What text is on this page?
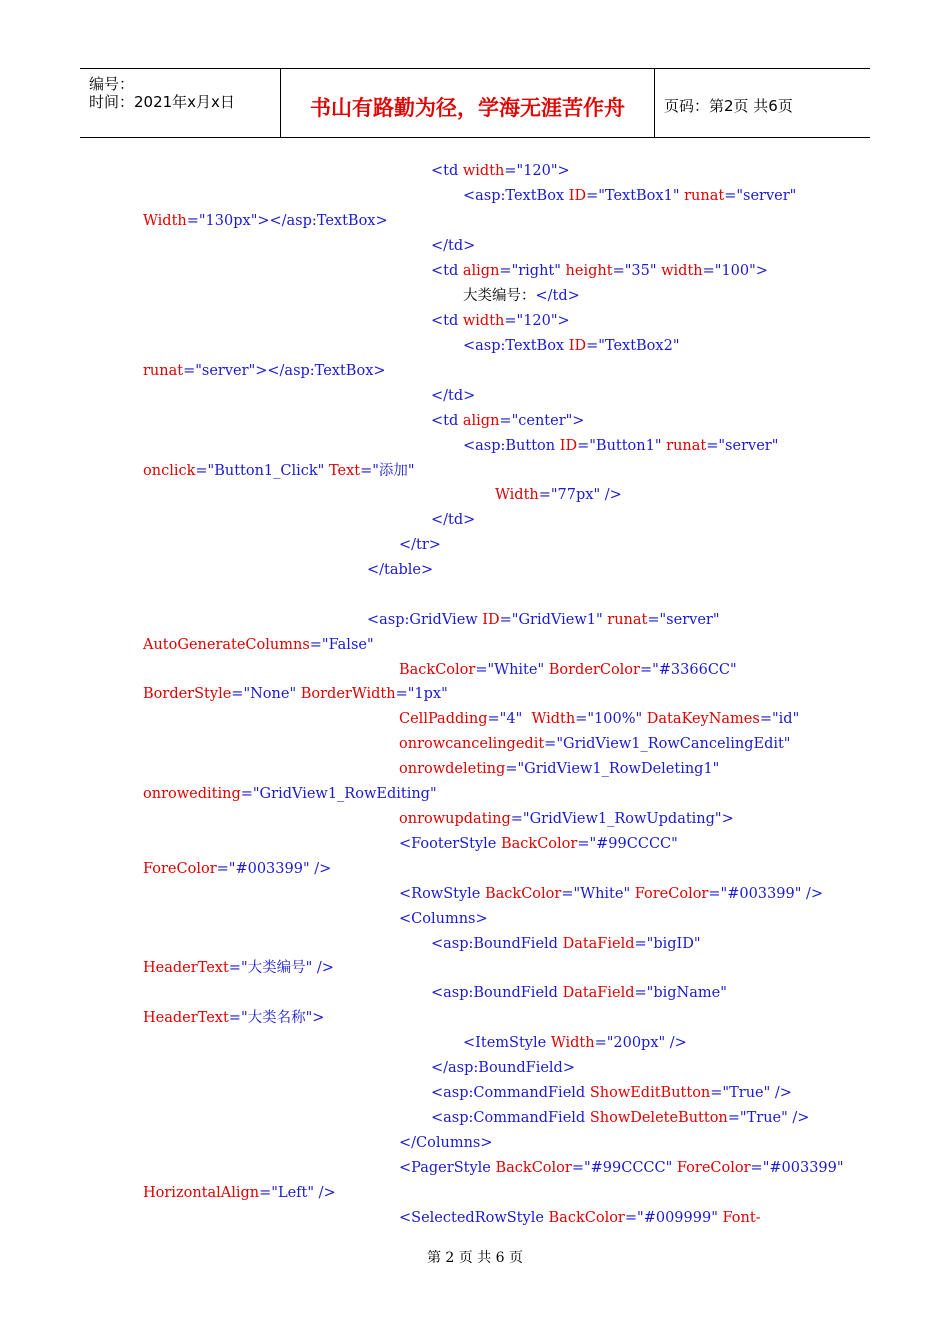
编号：
时间：2021年x月x日	书山有路勤为径，学海无涯苦作舟	页码：第2页 共6页
<td width="120">
<asp:TextBox ID="TextBox1" runat="server"
Width="130px"></asp:TextBox>
</td>
<td align="right" height="35" width="100">
大类编号：</td>
<td width="120">
<asp:TextBox ID="TextBox2"
runat="server"></asp:TextBox>
</td>
<td align="center">
<asp:Button ID="Button1" runat="server"
onclick="Button1_Click" Text="添加"
Width="77px" />
</td>
</tr>
</table>
<asp:GridView ID="GridView1" runat="server"
AutoGenerateColumns="False"
BackColor="White" BorderColor="#3366CC"
BorderStyle="None" BorderWidth="1px"
CellPadding="4"  Width="100%" DataKeyNames="id"
onrowcancelingedit="GridView1_RowCancelingEdit"
onrowdeleting="GridView1_RowDeleting1"
onrowediting="GridView1_RowEditing"
onrowupdating="GridView1_RowUpdating">
<FooterStyle BackColor="#99CCCC"
ForeColor="#003399" />
<RowStyle BackColor="White" ForeColor="#003399" />
<Columns>
<asp:BoundField DataField="bigID"
HeaderText="大类编号" />
<asp:BoundField DataField="bigName"
HeaderText="大类名称">
<ItemStyle Width="200px" />
</asp:BoundField>
<asp:CommandField ShowEditButton="True" />
<asp:CommandField ShowDeleteButton="True" />
</Columns>
<PagerStyle BackColor="#99CCCC" ForeColor="#003399"
HorizontalAlign="Left" />
<SelectedRowStyle BackColor="#009999" Font-
第 2 页 共 6 页
